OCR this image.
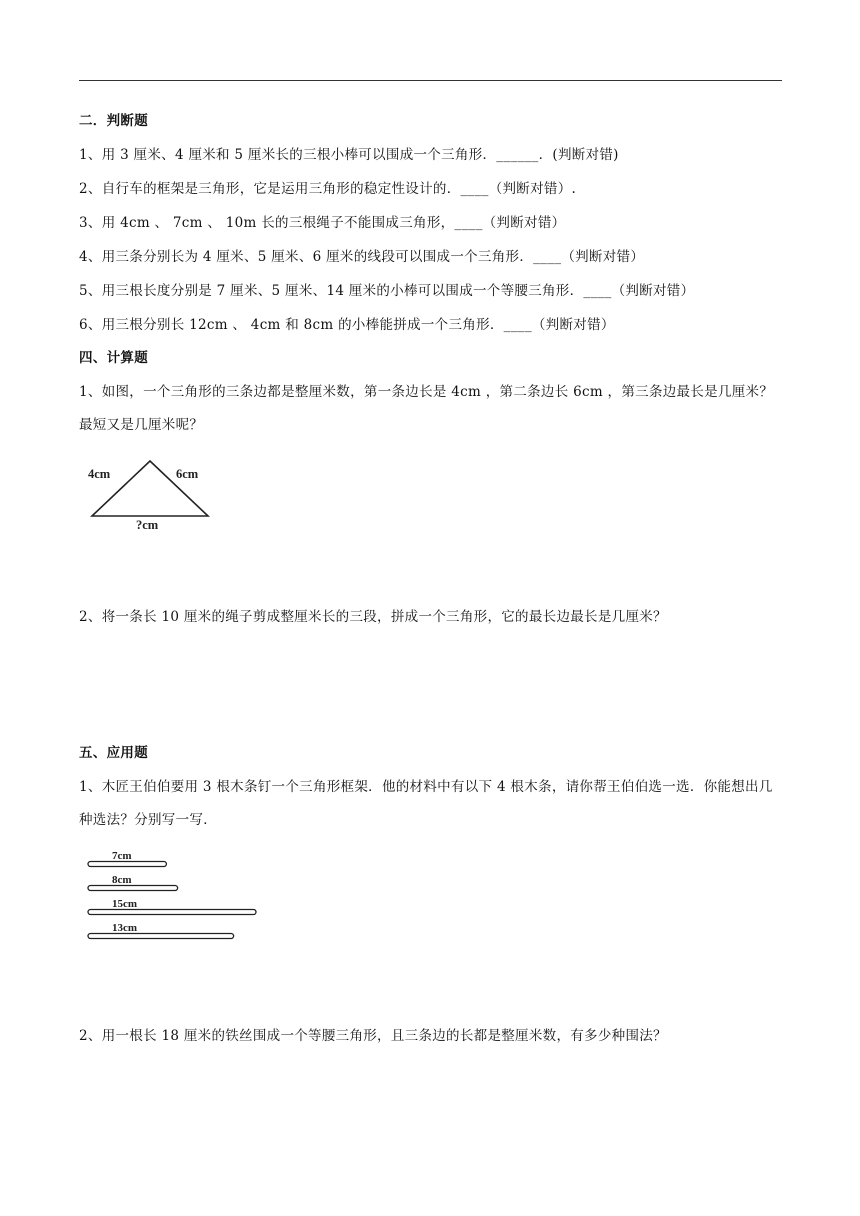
二．判断题
1、用 3 厘米、4 厘米和 5 厘米长的三根小棒可以围成一个三角形．______．(判断对错)
2、自行车的框架是三角形，它是运用三角形的稳定性设计的．____（判断对错）.
3、用 4cm 、 7cm 、 10m 长的三根绳子不能围成三角形，____（判断对错）
4、用三条分别长为 4 厘米、5 厘米、6 厘米的线段可以围成一个三角形．____（判断对错）
5、用三根长度分别是 7 厘米、5 厘米、14 厘米的小棒可以围成一个等腰三角形．____（判断对错）
6、用三根分别长 12cm 、 4cm 和 8cm 的小棒能拼成一个三角形．____（判断对错）
四、计算题
1、如图，一个三角形的三条边都是整厘米数，第一条边长是 4cm ，第二条边长 6cm ，第三条边最长是几厘米？最短又是几厘米呢？
4cm	6cm
?cm
2、将一条长 10 厘米的绳子剪成整厘米长的三段，拼成一个三角形，它的最长边最长是几厘米？
五、应用题
1、木匠王伯伯要用 3 根木条钉一个三角形框架．他的材料中有以下 4 根木条，请你帮王伯伯选一选．你能想出几种选法？分别写一写．
7cm
8cm
15cm
13cm
2、用一根长 18 厘米的铁丝围成一个等腰三角形，且三条边的长都是整厘米数，有多少种围法？
